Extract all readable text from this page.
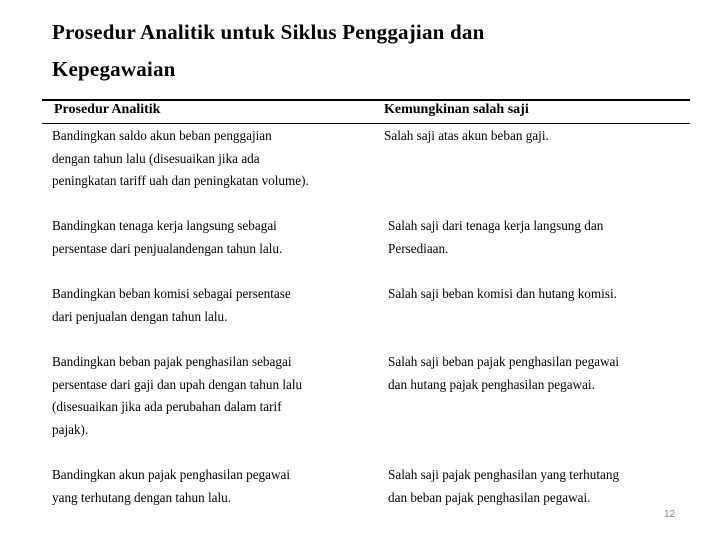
Prosedur Analitik untuk Siklus Penggajian dan
Kepegawaian
Prosedur Analitik	Kemungkinan salah saji
Bandingkan saldo akun beban penggajian
dengan tahun lalu (disesuaikan jika ada
peningkatan tariff uah dan peningkatan volume).
Salah saji atas akun beban gaji.
Bandingkan tenaga kerja langsung sebagai
persentase dari penjualandengan tahun lalu.
Salah saji dari tenaga kerja langsung dan
Persediaan.
Bandingkan beban komisi sebagai persentase
dari penjualan dengan tahun lalu.
Salah saji beban komisi dan hutang komisi.
Bandingkan beban pajak penghasilan sebagai
persentase dari gaji dan upah dengan tahun lalu
(disesuaikan jika ada perubahan dalam tarif
pajak).
Salah saji beban pajak penghasilan pegawai
dan hutang pajak penghasilan pegawai.
Bandingkan akun pajak penghasilan pegawai
yang terhutang dengan tahun lalu.
Salah saji pajak penghasilan yang terhutang
dan beban pajak penghasilan pegawai.
12
